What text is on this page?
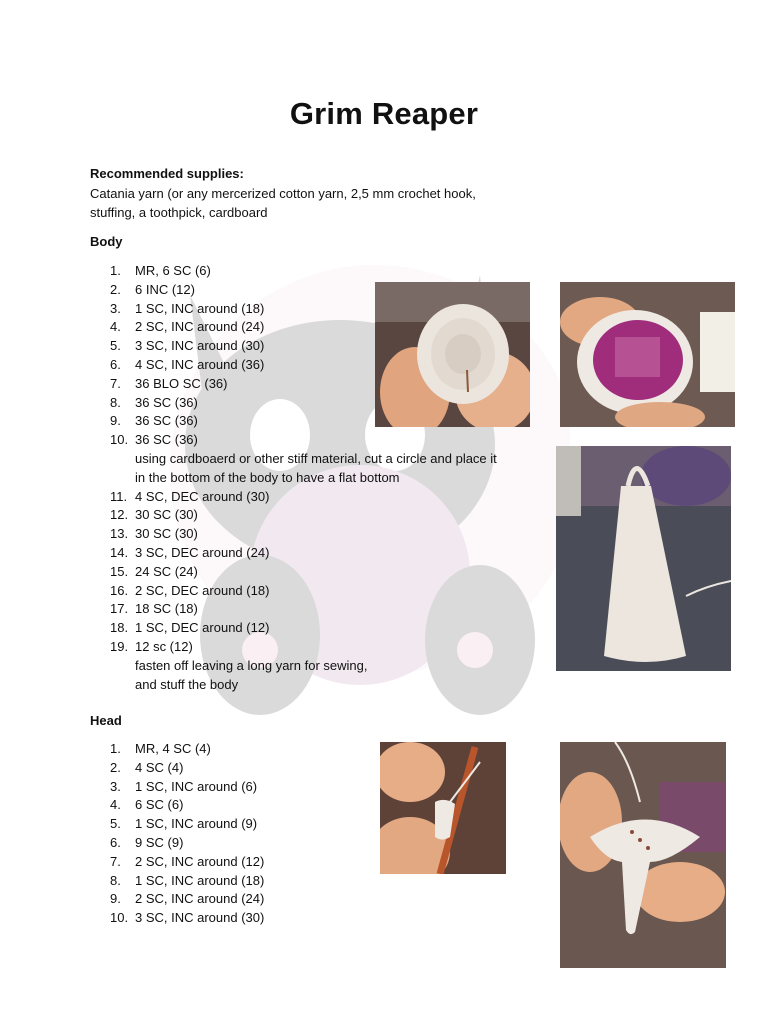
Grim Reaper
Recommended supplies:
Catania yarn (or any mercerized cotton yarn, 2,5 mm crochet hook, stuffing, a toothpick, cardboard
Body
1.	MR, 6 SC (6)
2.	6 INC (12)
3.	1 SC, INC around (18)
4.	2 SC, INC around (24)
5.	3 SC, INC around (30)
6.	4 SC, INC around (36)
7.	36 BLO SC (36)
8.	36 SC (36)
9.	36 SC (36)
10. 36 SC (36)
using cardboaerd or other stiff material, cut a circle and place it in the bottom of the body to have a flat bottom
11. 4 SC, DEC around (30)
12. 30 SC (30)
13. 30 SC (30)
14. 3 SC, DEC around (24)
15. 24 SC (24)
16. 2 SC, DEC around (18)
17. 18 SC (18)
18. 1 SC, DEC around (12)
19. 12 sc (12)
fasten off leaving a long yarn for sewing, and stuff the body
Head
1.	MR, 4 SC (4)
2.	4 SC (4)
3.	1 SC, INC around (6)
4.	6 SC (6)
5.	1 SC, INC around (9)
6.	9 SC (9)
7.	2 SC, INC around (12)
8.	1 SC, INC around (18)
9.	2 SC, INC around (24)
10. 3 SC, INC around (30)
